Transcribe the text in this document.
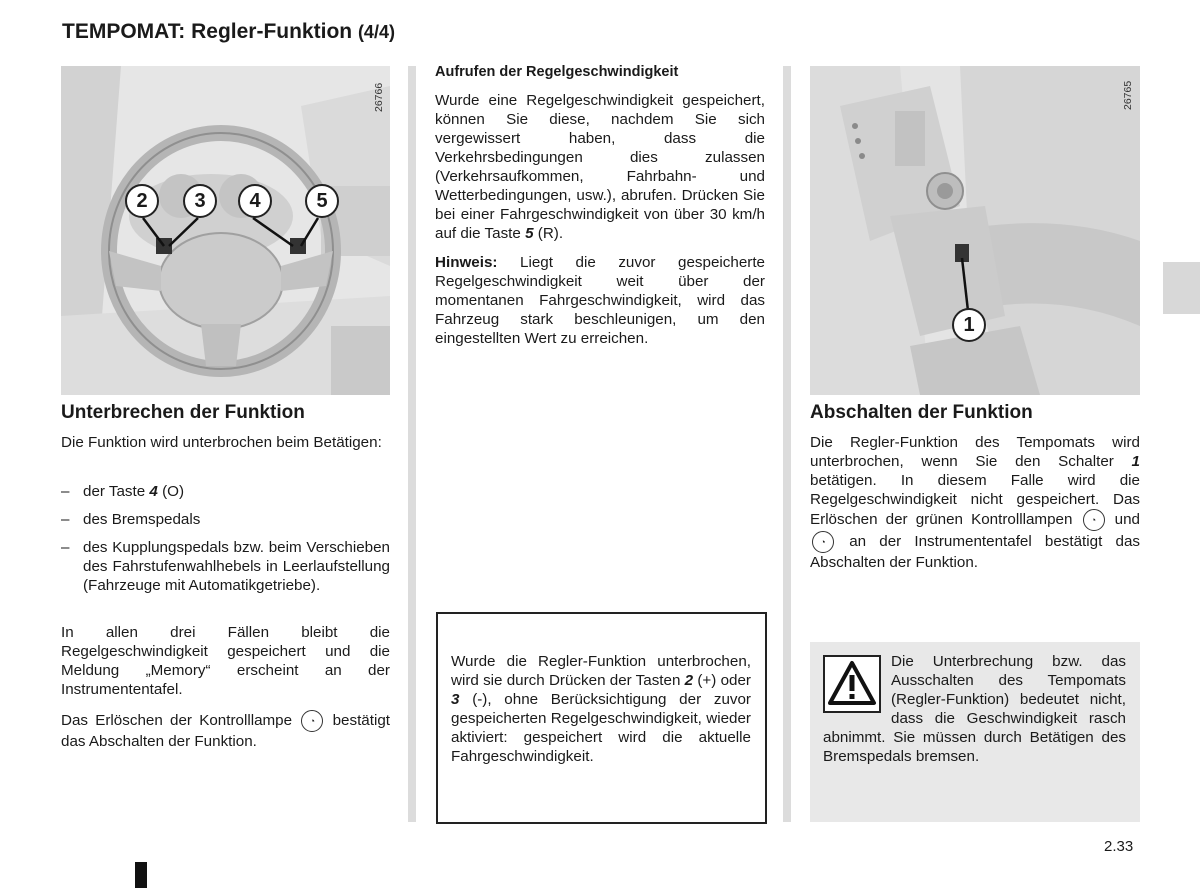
TEMPOMAT: Regler-Funktion (4/4)
26766
2	3	4	5
26765
1
Unterbrechen der Funktion
Die Funktion wird unterbrochen beim Betätigen:
– der Taste 4 (O)
– des Bremspedals
– des Kupplungspedals bzw. beim Verschieben des Fahrstufenwahlhebels in Leerlaufstellung (Fahrzeuge mit Automatikgetriebe).
In allen drei Fällen bleibt die Regelgeschwindigkeit gespeichert und die Meldung „Memory“ erscheint an der Instrumententafel.
Das Erlöschen der Kontrolllampe ◔ bestätigt das Abschalten der Funktion.
Aufrufen der Regelgeschwindigkeit
Wurde eine Regelgeschwindigkeit gespeichert, können Sie diese, nachdem Sie sich vergewissert haben, dass die Verkehrsbedingungen dies zulassen (Verkehrsaufkommen, Fahrbahn- und Wetterbedingungen, usw.), abrufen. Drücken Sie bei einer Fahrgeschwindigkeit von über 30 km/h auf die Taste 5 (R).
Hinweis: Liegt die zuvor gespeicherte Regelgeschwindigkeit weit über der momentanen Fahrgeschwindigkeit, wird das Fahrzeug stark beschleunigen, um den eingestellten Wert zu erreichen.
Wurde die Regler-Funktion unterbrochen, wird sie durch Drücken der Tasten 2 (+) oder 3 (-), ohne Berücksichtigung der zuvor gespeicherten Regelgeschwindigkeit, wieder aktiviert: gespeichert wird die aktuelle Fahrgeschwindigkeit.
Abschalten der Funktion
Die Regler-Funktion des Tempomats wird unterbrochen, wenn Sie den Schalter 1 betätigen. In diesem Falle wird die Regelgeschwindigkeit nicht gespeichert. Das Erlöschen der grünen Kontrolllampen ◔ und ◔ an der Instrumententafel bestätigt das Abschalten der Funktion.
Die Unterbrechung bzw. das Ausschalten des Tempomats (Regler-Funktion) bedeutet nicht, dass die Geschwindigkeit rasch abnimmt. Sie müssen durch Betätigen des Bremspedals bremsen.
2.33
